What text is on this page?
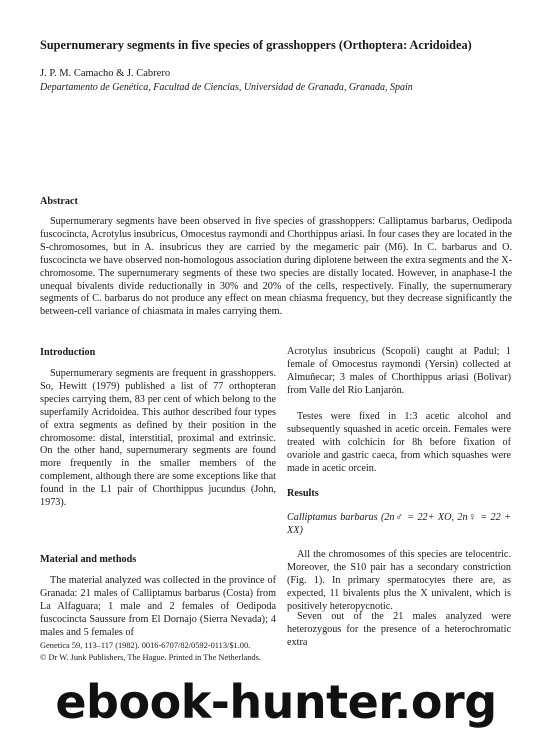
Supernumerary segments in five species of grasshoppers (Orthoptera: Acridoidea)
J. P. M. Camacho & J. Cabrero
Departamento de Genética, Facultad de Ciencias, Universidad de Granada, Granada, Spain
Abstract

Supernumerary segments have been observed in five species of grasshoppers: Calliptamus barbarus, Oedipoda fuscocincta, Acrotylus insubricus, Omocestus raymondi and Chorthippus ariasi. In four cases they are located in the S-chromosomes, but in A. insubricus they are carried by the megameric pair (M6). In C. barbarus and O. fuscocincta we have observed non-homologous association during diplotene between the extra segments and the X-chromosome. The supernumerary segments of these two species are distally located. However, in anaphase-I the unequal bivalents divide reductionally in 30% and 20% of the cells, respectively. Finally, the supernumerary segments of C. barbarus do not produce any effect on mean chiasma frequency, but they decrease significantly the between-cell variance of chiasmata in males carrying them.

Introduction

Supernumerary segments are frequent in grasshoppers. So, Hewitt (1979) published a list of 77 orthopteran species carrying them, 83 per cent of which belong to the superfamily Acridoidea. This author described four types of extra segments as defined by their position in the chromosome: distal, interstitial, proximal and extrinsic. On the other hand, supernumerary segments are found more frequently in the smaller members of the complement, although there are some exceptions like that found in the L1 pair of Chorthippus jucundus (John, 1973).

Material and methods

The material analyzed was collected in the province of Granada: 21 males of Calliptamus barbarus (Costa) from La Alfaguara; 1 male and 2 females of Oedipoda fuscocincta Saussure from El Dornajo (Sierra Nevada); 4 males and 5 females of

Acrotylus insubricus (Scopoli) caught at Padul; 1 female of Omocestus raymondi (Yersin) collected at Almuñecar; 3 males of Chorthippus ariasi (Bolivar) from Valle del Rio Lanjarón.

Testes were fixed in 1:3 acetic alcohol and subsequently squashed in acetic orcein. Females were treated with colchicin for 8h before fixation of ovariole and gastric caeca, from which squashes were made in acetic orcein.

Results

Calliptamus barbarus (2n♂ = 22+ XO, 2n♀ = 22 + XX)

All the chromosomes of this species are telocentric. Moreover, the S10 pair has a secondary constriction (Fig. 1). In primary spermatocytes there are, as expected, 11 bivalents plus the X univalent, which is positively heteropycnotic.

Seven out of the 21 males analyzed were heterozygous for the presence of a heterochromatic extra

Genetica 59, 113–117 (1982). 0016-6707/82/0592-0113/$1.00.
© Dr W. Junk Publishers, The Hague. Printed in The Netherlands.
ebook-hunter.org
